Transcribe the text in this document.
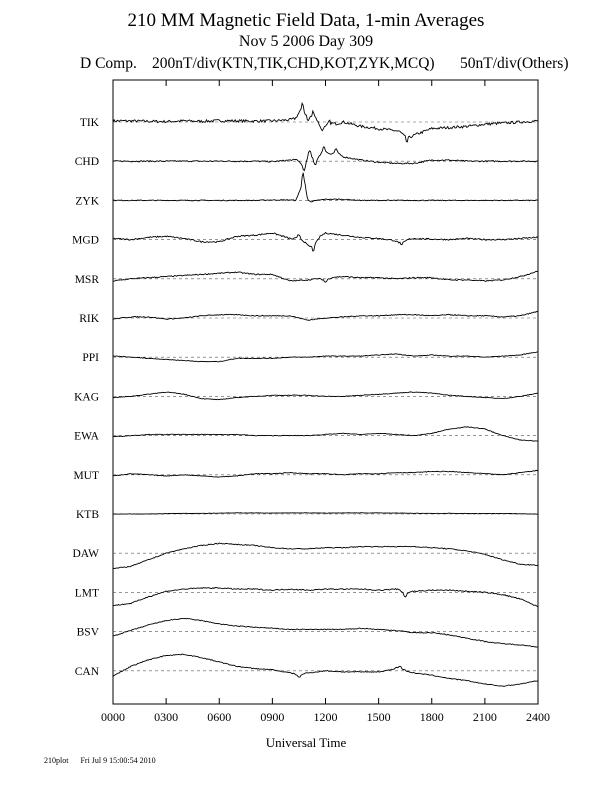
210 MM Magnetic Field Data, 1-min Averages
Nov 5 2006 Day 309
D Comp. 200nT/div(KTN,TIK,CHD,KOT,ZYK,MCQ) 50nT/div(Others)
TIK
CHD
ZYK
MGD
MSR
RIK
PPI
KAG
EWA
MUT
KTB
DAW
LMT
BSV
CAN
0000 0300 0600 0900 1200 1500 1800 2100 2400
Universal Time
210plot Fri Jul 9 15:00:54 2010
